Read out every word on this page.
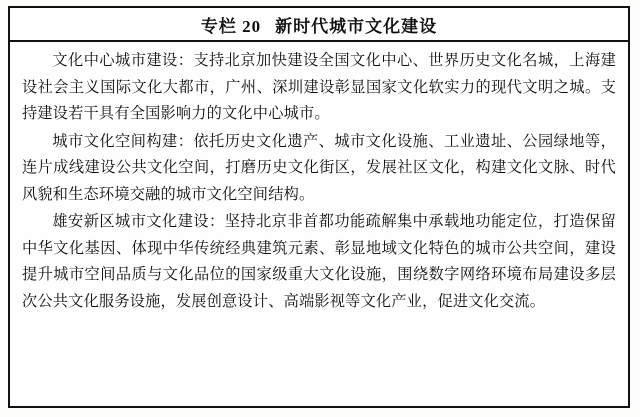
专栏 20 新时代城市文化建设

文化中心城市建设：支持北京加快建设全国文化中心、世界历史文化名城，上海建设社会主义国际文化大都市，广州、深圳建设彰显国家文化软实力的现代文明之城。支持建设若干具有全国影响力的文化中心城市。

城市文化空间构建：依托历史文化遗产、城市文化设施、工业遗址、公园绿地等，连片成线建设公共文化空间，打磨历史文化街区，发展社区文化，构建文化文脉、时代风貌和生态环境交融的城市文化空间结构。

雄安新区城市文化建设：坚持北京非首都功能疏解集中承载地功能定位，打造保留中华文化基因、体现中华传统经典建筑元素、彰显地域文化特色的城市公共空间，建设提升城市空间品质与文化品位的国家级重大文化设施，围绕数字网络环境布局建设多层次公共文化服务设施，发展创意设计、高端影视等文化产业，促进文化交流。
